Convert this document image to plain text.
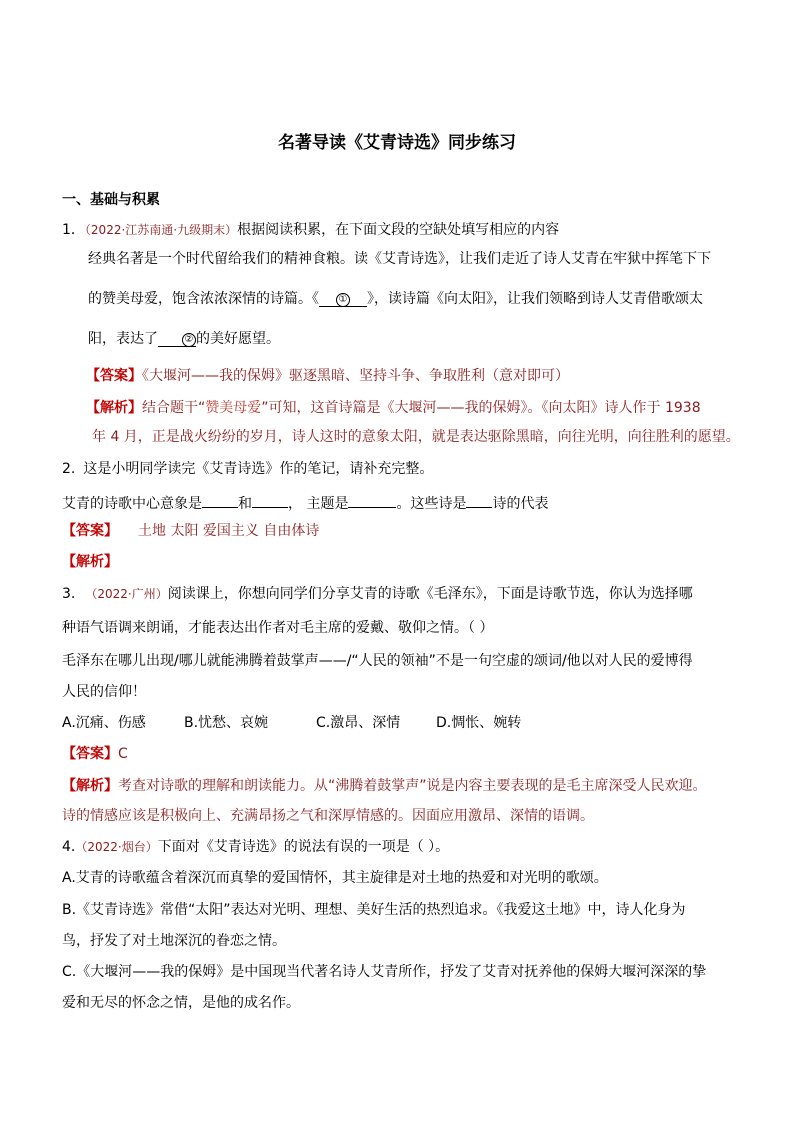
名著导读《艾青诗选》同步练习
一、基础与积累
1．（2022·江苏南通·九级期末）根据阅读积累，在下面文段的空缺处填写相应的内容
经典名著是一个时代留给我们的精神食粮。读《艾青诗选》，让我们走近了诗人艾青在牢狱中挥笔下下
的赞美母爱，饱含浓浓深情的诗篇。《 ① 》，读诗篇《向太阳》，让我们领略到诗人艾青借歌颂太
阳，表达了	② 的美好愿望。
【答案】《大堰河——我的保姆》驱逐黑暗、坚持斗争、争取胜利（意对即可）
【解析】结合题干“赞美母爱”可知，这首诗篇是《大堰河——我的保姆》。《向太阳》诗人作于 1938
年 4 月，正是战火纷纷的岁月，诗人这时的意象太阳，就是表达驱除黑暗，向往光明，向往胜利的愿望。
2. 这是小明同学读完《艾青诗选》作的笔记，请补充完整。
艾青的诗歌中心意象是	和	， 主题是	。这些诗是 诗的代表
【答案】 土地 太阳 爱国主义 自由体诗
【解析】
3. （2022·广州）阅读课上，你想向同学们分享艾青的诗歌《毛泽东》，下面是诗歌节选，你认为选择哪
种语气语调来朗诵，才能表达出作者对毛主席的爱戴、敬仰之情。（ ）
毛泽东在哪儿出现/哪儿就能沸腾着鼓掌声——/“人民的领袖”不是一句空虚的颂词/他以对人民的爱博得
人民的信仰！
A.沉痛、伤感	B.忧愁、哀婉	C.激昂、深情	D.惆怅、婉转
【答案】C
【解析】考查对诗歌的理解和朗读能力。从“沸腾着鼓掌声”说是内容主要表现的是毛主席深受人民欢迎。
诗的情感应该是积极向上、充满昂扬之气和深厚情感的。因面应用激昂、深情的语调。
4.（2022·烟台）下面对《艾青诗选》的说法有误的一项是（ ）。
A.艾青的诗歌蕴含着深沉而真挚的爱国情怀，其主旋律是对土地的热爱和对光明的歌颂。
B.《艾青诗选》常借“太阳”表达对光明、理想、美好生活的热烈追求。《我爱这土地》中，诗人化身为
鸟，抒发了对土地深沉的眷恋之情。
C.《大堰河——我的保姆》是中国现当代著名诗人艾青所作，抒发了艾青对抚养他的保姆大堰河深深的挚
爱和无尽的怀念之情，是他的成名作。
